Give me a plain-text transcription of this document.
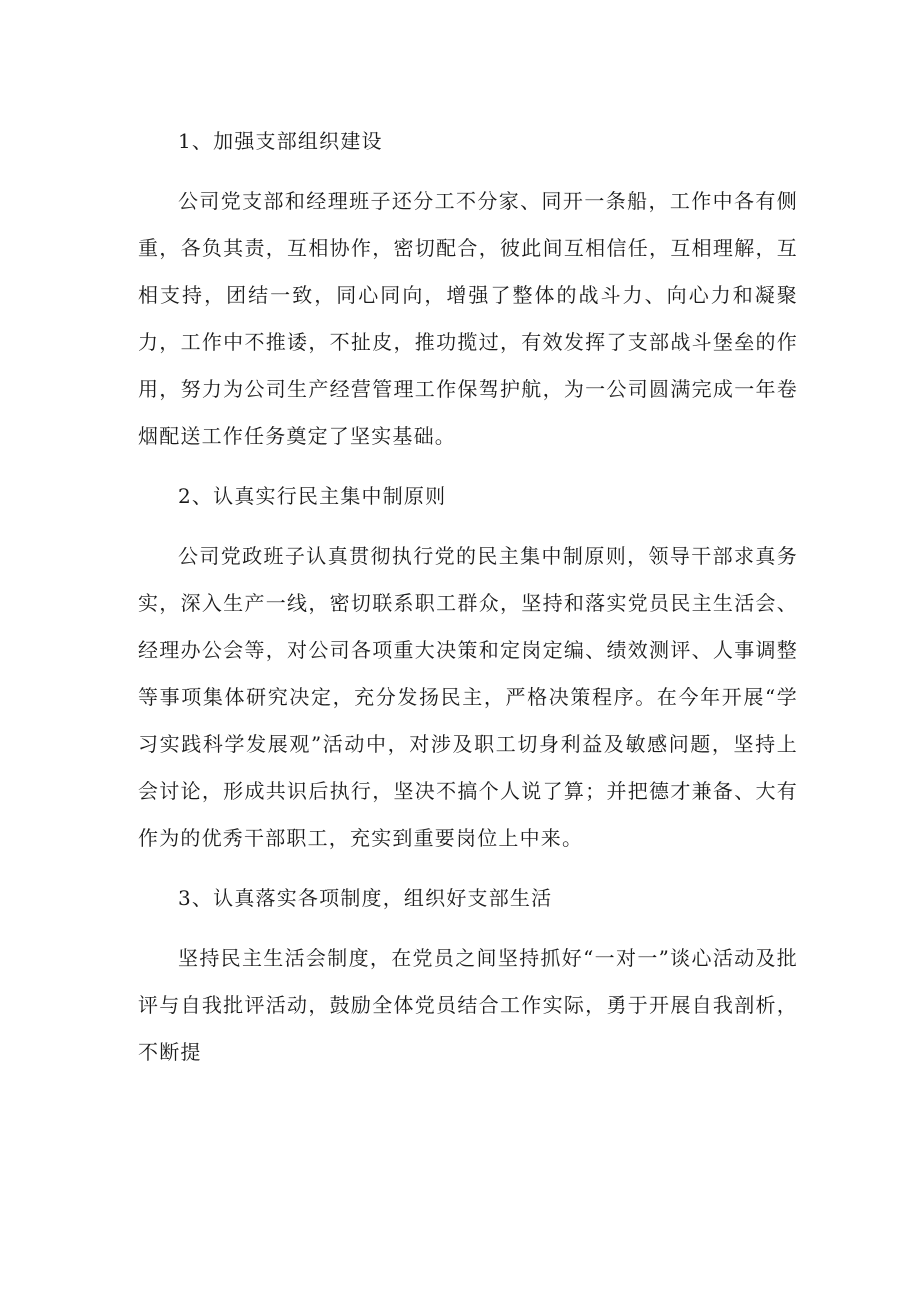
1、加强支部组织建设

公司党支部和经理班子还分工不分家、同开一条船，工作中各有侧重，各负其责，互相协作，密切配合，彼此间互相信任，互相理解，互相支持，团结一致，同心同向，增强了整体的战斗力、向心力和凝聚力，工作中不推诿，不扯皮，推功揽过，有效发挥了支部战斗堡垒的作用，努力为公司生产经营管理工作保驾护航，为一公司圆满完成一年卷烟配送工作任务奠定了坚实基础。

2、认真实行民主集中制原则

公司党政班子认真贯彻执行党的民主集中制原则，领导干部求真务实，深入生产一线，密切联系职工群众，坚持和落实党员民主生活会、经理办公会等，对公司各项重大决策和定岗定编、绩效测评、人事调整等事项集体研究决定，充分发扬民主，严格决策程序。在今年开展“学习实践科学发展观”活动中，对涉及职工切身利益及敏感问题，坚持上会讨论，形成共识后执行，坚决不搞个人说了算；并把德才兼备、大有作为的优秀干部职工，充实到重要岗位上中来。

3、认真落实各项制度，组织好支部生活

坚持民主生活会制度，在党员之间坚持抓好“一对一”谈心活动及批评与自我批评活动，鼓励全体党员结合工作实际，勇于开展自我剖析，不断提
